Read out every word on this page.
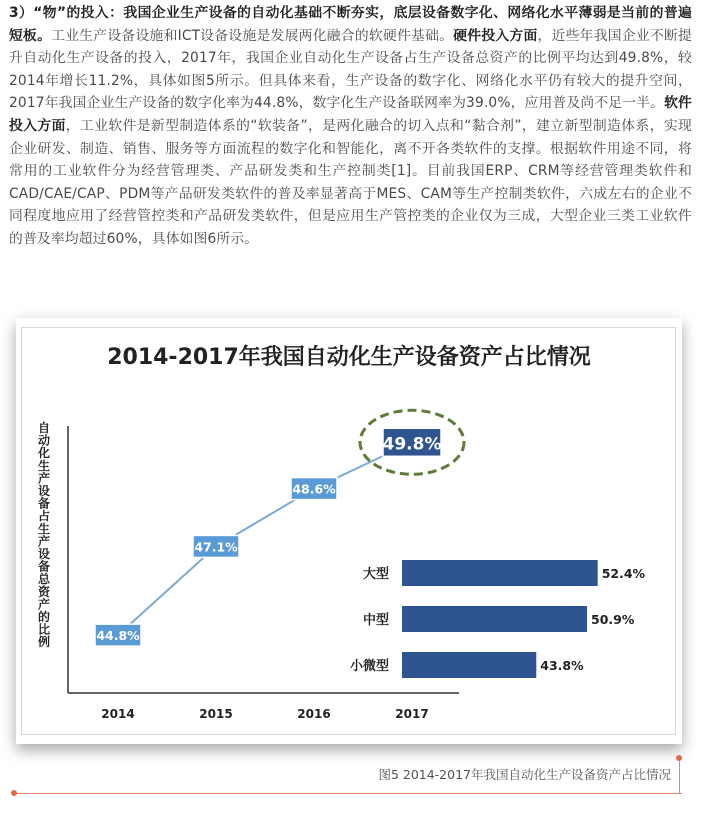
3）“物”的投入：我国企业生产设备的自动化基础不断夯实，底层设备数字化、网络化水平薄弱是当前的普遍短板。工业生产设备设施和ICT设备设施是发展两化融合的软硬件基础。硬件投入方面，近些年我国企业不断提升自动化生产设备的投入，2017年，我国企业自动化生产设备占生产设备总资产的比例平均达到49.8%，较2014年增长11.2%，具体如图5所示。但具体来看，生产设备的数字化、网络化水平仍有较大的提升空间，2017年我国企业生产设备的数字化率为44.8%，数字化生产设备联网率为39.0%，应用普及尚不足一半。软件投入方面，工业软件是新型制造体系的“软装备”，是两化融合的切入点和“黏合剂”，建立新型制造体系，实现企业研发、制造、销售、服务等方面流程的数字化和智能化，离不开各类软件的支撑。根据软件用途不同，将常用的工业软件分为经营管理类、产品研发类和生产控制类[1]。目前我国ERP、CRM等经营管理类软件和CAD/CAE/CAP、PDM等产品研发类软件的普及率显著高于MES、CAM等生产控制类软件，六成左右的企业不同程度地应用了经营管控类和产品研发类软件，但是应用生产管控类的企业仅为三成，大型企业三类工业软件的普及率均超过60%，具体如图6所示。

2014-2017年我国自动化生产设备资产占比情况
自
动
化
生
产
设
备
占
生
产
设
备
总
资
产
的
比
例
2014	2015	2016	2017
44.8%
47.1%
48.6%
49.8%
大型	52.4%
中型	50.9%
小微型	43.8%
图5 2014-2017年我国自动化生产设备资产占比情况
